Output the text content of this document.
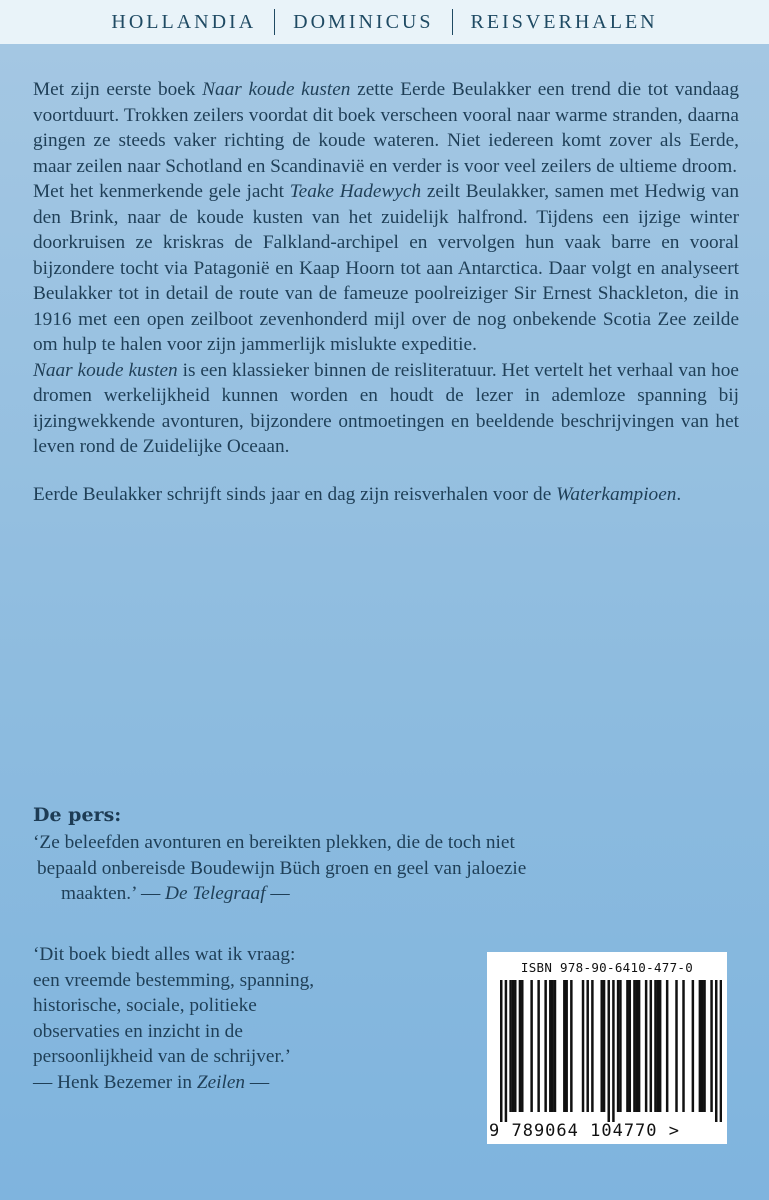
HOLLANDIA DOMINICUS REISVERHALEN

Met zijn eerste boek Naar koude kusten zette Eerde Beulakker een trend die tot vandaag voortduurt. Trokken zeilers voordat dit boek verscheen vooral naar warme stranden, daarna gingen ze steeds vaker richting de koude wateren. Niet iedereen komt zover als Eerde, maar zeilen naar Schotland en Scandinavië en verder is voor veel zeilers de ultieme droom.

Met het kenmerkende gele jacht Teake Hadewych zeilt Beulakker, samen met Hedwig van den Brink, naar de koude kusten van het zuidelijk halfrond. Tijdens een ijzige winter doorkruisen ze kriskras de Falkland-archipel en vervolgen hun vaak barre en vooral bijzondere tocht via Patagonië en Kaap Hoorn tot aan Antarctica. Daar volgt en analyseert Beulakker tot in detail de route van de fameuze poolreiziger Sir Ernest Shackleton, die in 1916 met een open zeilboot zevenhonderd mijl over de nog onbekende Scotia Zee zeilde om hulp te halen voor zijn jammerlijk mislukte expeditie.

Naar koude kusten is een klassieker binnen de reisliteratuur. Het vertelt het verhaal van hoe dromen werkelijkheid kunnen worden en houdt de lezer in ademloze spanning bij ijzingwekkende avonturen, bijzondere ontmoetingen en beeldende beschrijvingen van het leven rond de Zuidelijke Oceaan.

Eerde Beulakker schrijft sinds jaar en dag zijn reisverhalen voor de Waterkampioen.

De pers:
‘Ze beleefden avonturen en bereikten plekken, die de toch niet
bepaald onbereisde Boudewijn Büch groen en geel van jaloezie
maakten.’ — De Telegraaf —
‘Dit boek biedt alles wat ik vraag:
een vreemde bestemming, spanning,
historische, sociale, politieke
observaties en inzicht in de
persoonlijkheid van de schrijver.’
— Henk Bezemer in Zeilen —
ISBN 978-90-6410-477-0
9 789064 104770 >
